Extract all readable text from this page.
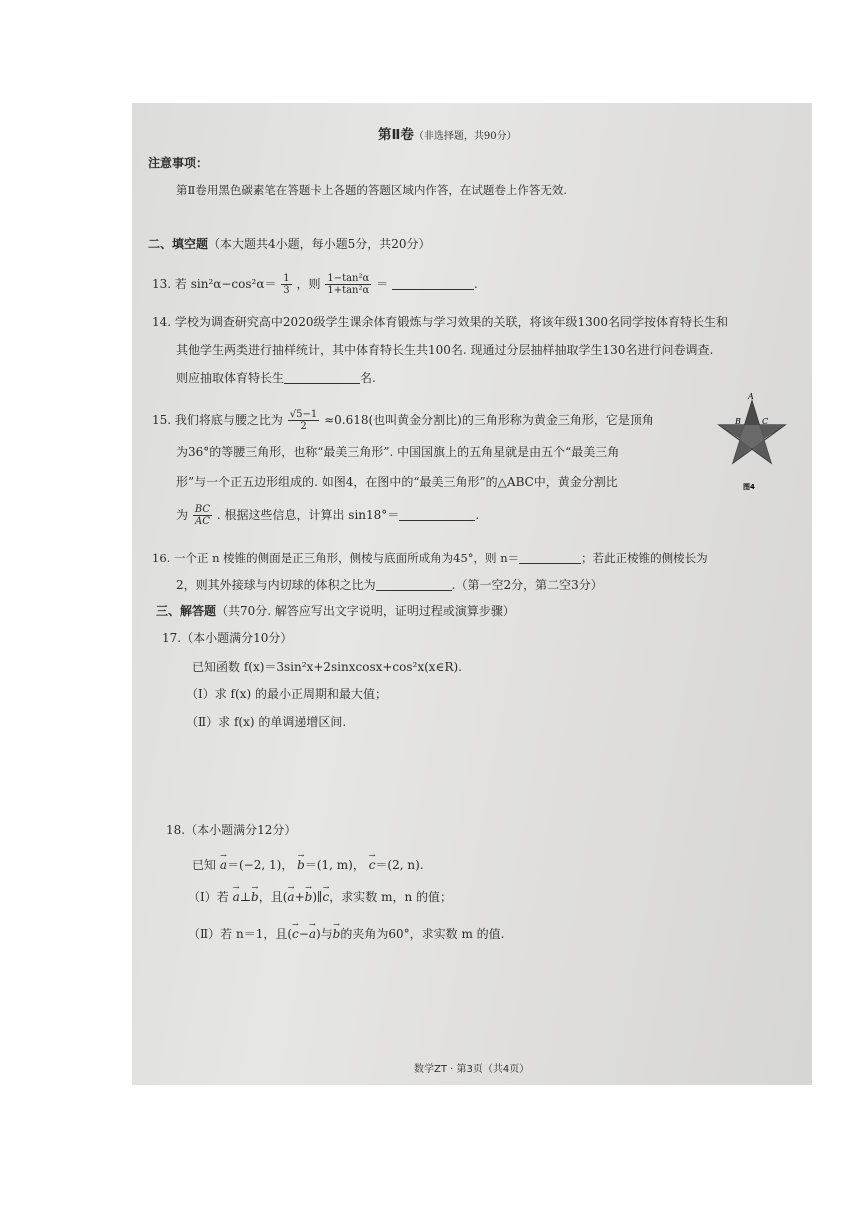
第Ⅱ卷（非选择题，共90分）
注意事项：
第Ⅱ卷用黑色碳素笔在答题卡上各题的答题区域内作答，在试题卷上作答无效.
二、填空题（本大题共4小题，每小题5分，共20分）
13. 若 $\sin^2\alpha-\cos^2\alpha= \frac{1}{3}$ ，则 $\frac{\text{1−tan²α}}{\text{1+tan²α}}$ ＝	.
14. 学校为调查研究高中2020级学生课余体育锻炼与学习效果的关联，将该年级1300名同学按体育特长生和
其他学生两类进行抽样统计，其中体育特长生共100名. 现通过分层抽样抽取学生130名进行问卷调查.
则应抽取体育特长生	名.
15. 我们将底与腰之比为 $\frac{√5-1}{2} \approx 0.618$(也叫黄金分割比)的三角形称为黄金三角形，它是顶角
为36°的等腰三角形，也称“最美三角形”. 中国国旗上的五角星就是由五个“最美三角
形”与一个正五边形组成的. 如图4，在图中的“最美三角形”的△ABC中，黄金分割比
为 $\frac{BC}{AC}$ . 根据这些信息，计算出 sin18°＝	.
A
B	C
图4
16. 一个正 n 棱锥的侧面是正三角形，侧棱与底面所成角为45°，则 n＝	；若此正棱锥的侧棱长为
2，则其外接球与内切球的体积之比为	.（第一空2分，第二空3分）
三、解答题（共70分. 解答应写出文字说明，证明过程或演算步骤）
17.（本小题满分10分）
已知函数 f(x)＝3sin²x+2sinxcosx+cos²x(x∈R).
（Ⅰ）求 f(x) 的最小正周期和最大值；
（Ⅱ）求 f(x) 的单调递增区间.
18.（本小题满分12分）
已知 → a＝(−2, 1)， → b＝(1, m)， → c＝(2, n).
（Ⅰ）若 → a⊥→ b，且(→ a+→ b)∥→ c，求实数 m，n 的值；
（Ⅱ）若 n＝1，且(→ c−→ a)与→ b的夹角为60°，求实数 m 的值.
数学ZT · 第3页（共4页）
